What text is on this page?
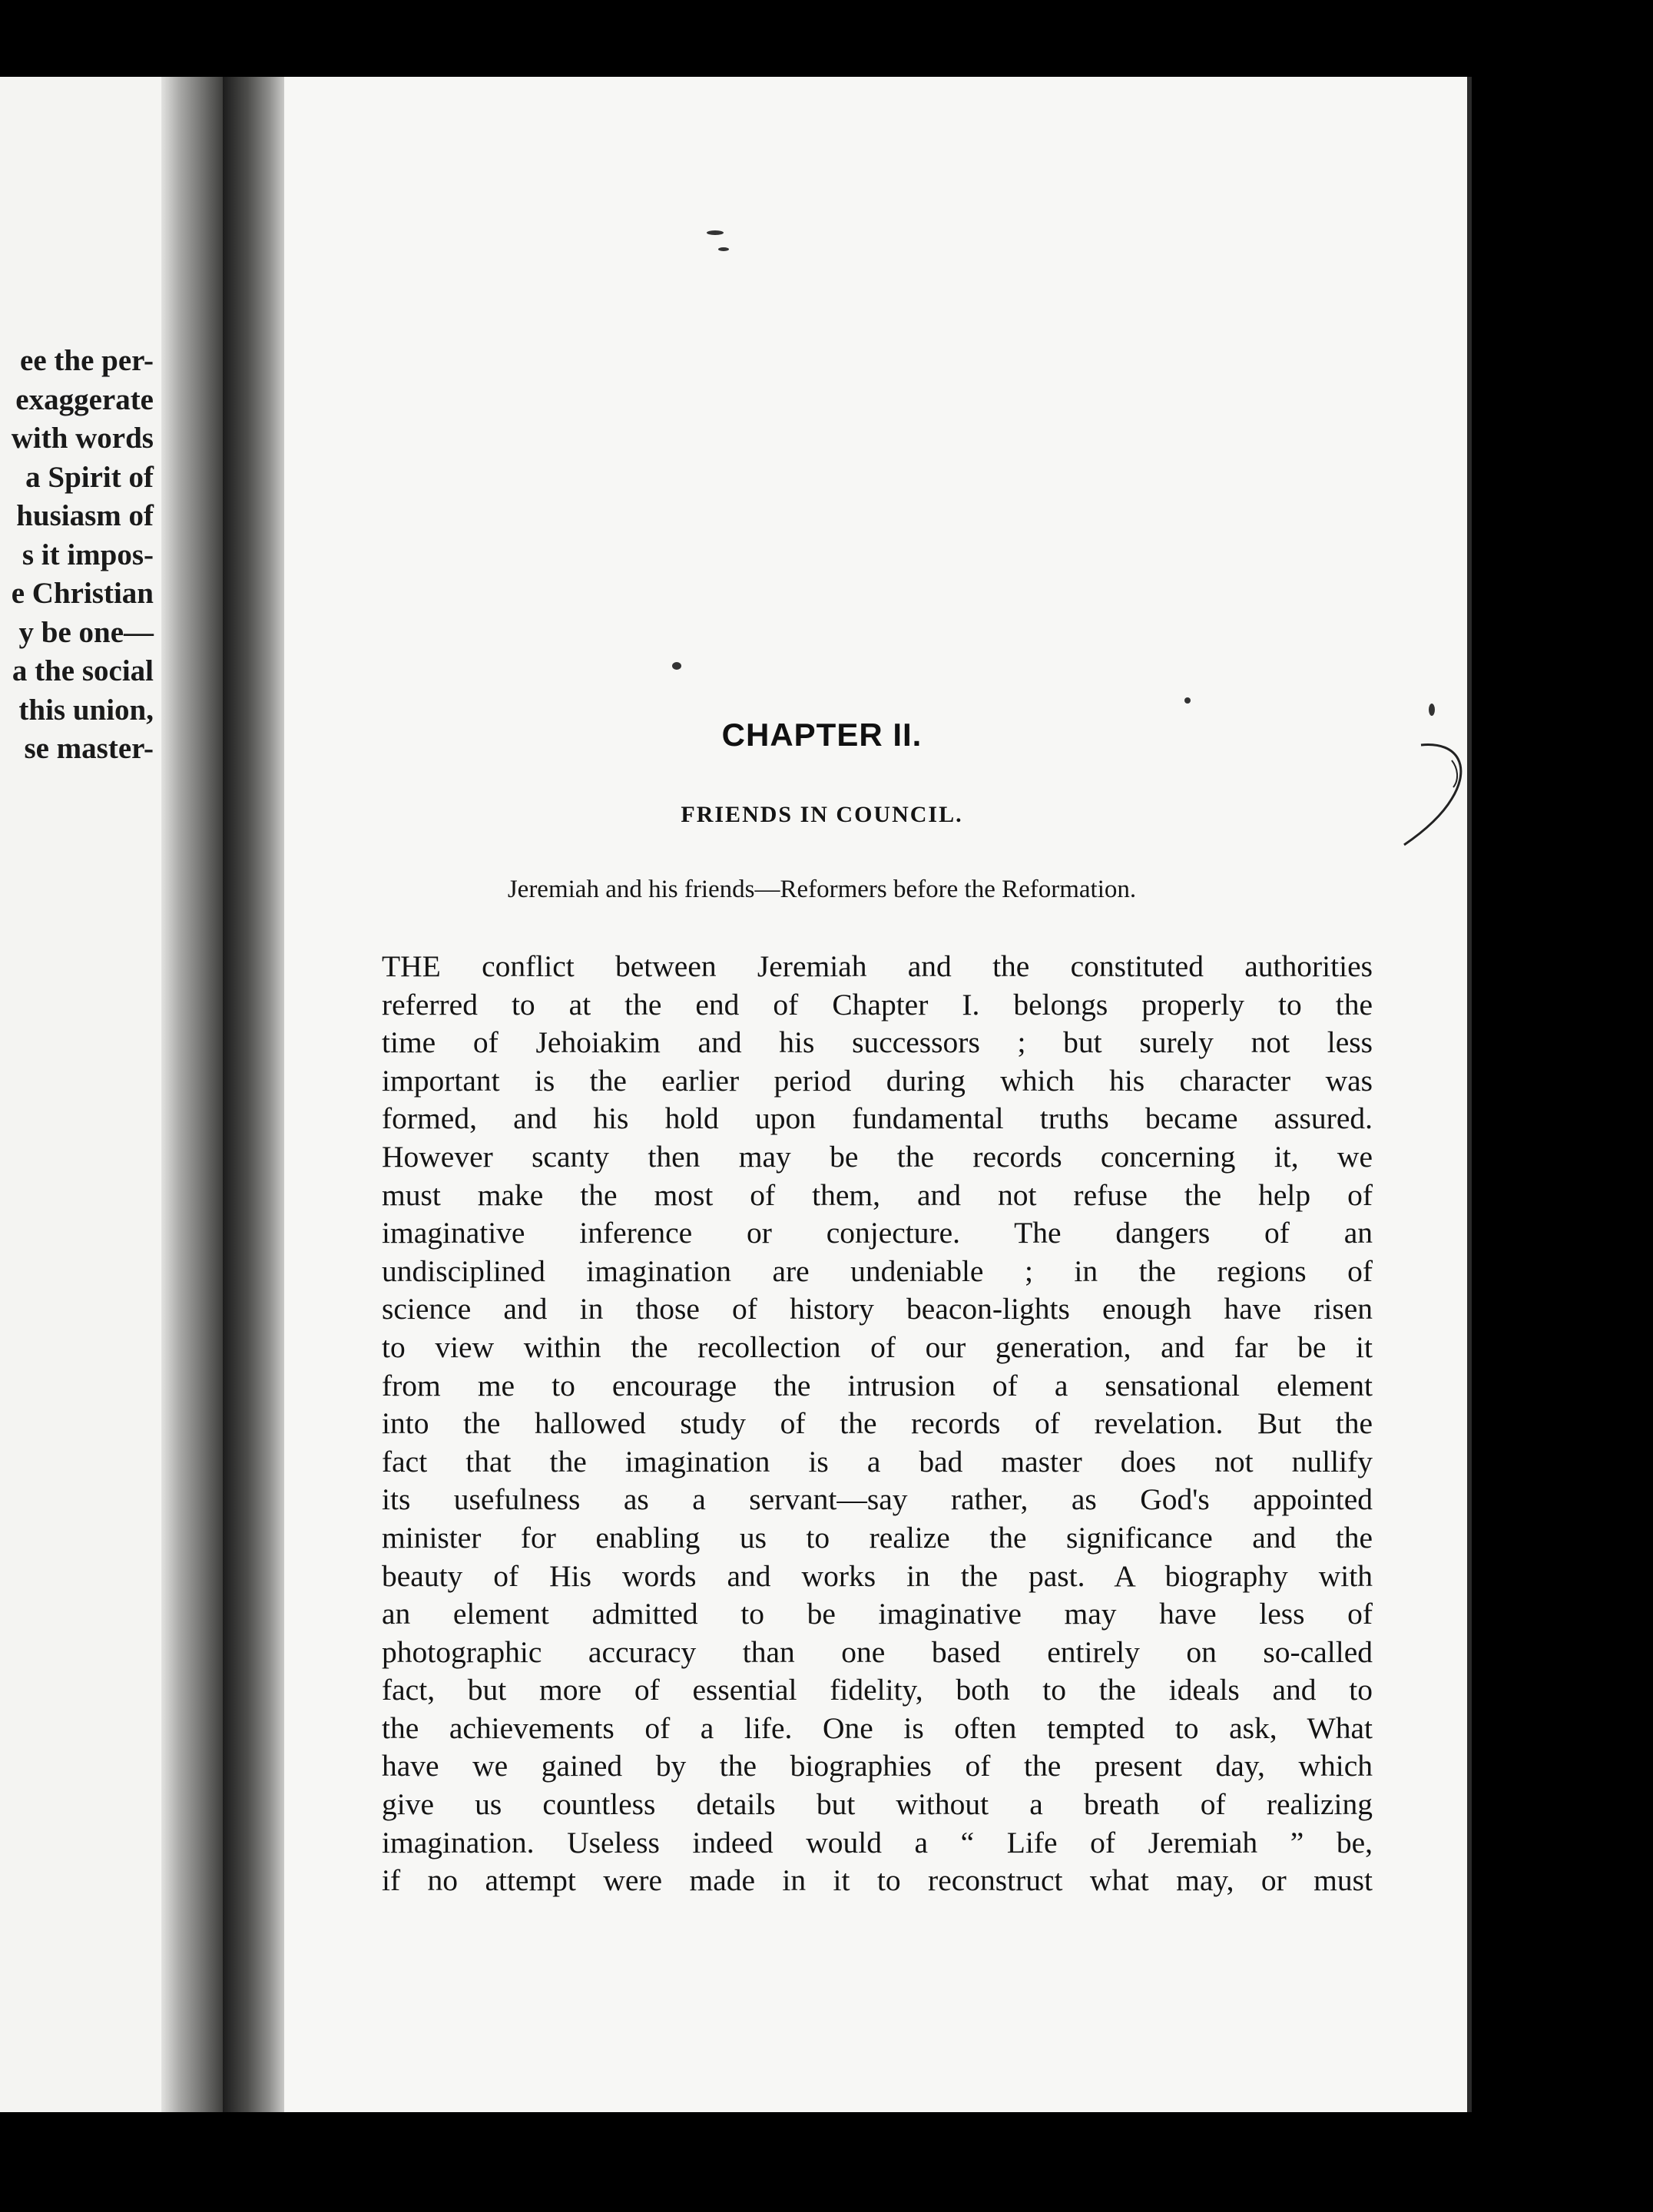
ee the per-
exaggerate
with words
a Spirit of
husiasm of
s it impos-
e Christian
y be one—
a the social
this union,
se master-	CHAPTER II.
FRIENDS IN COUNCIL.
Jeremiah and his friends—Reformers before the Reformation.
THE conflict between Jeremiah and the constituted authorities
referred to at the end of Chapter I. belongs properly to the
time of Jehoiakim and his successors ; but surely not less
important is the earlier period during which his character was
formed, and his hold upon fundamental truths became assured.
However scanty then may be the records concerning it, we
must make the most of them, and not refuse the help of
imaginative inference or conjecture. The dangers of an
undisciplined imagination are undeniable ; in the regions of
science and in those of history beacon-lights enough have risen
to view within the recollection of our generation, and far be it
from me to encourage the intrusion of a sensational element
into the hallowed study of the records of revelation. But the
fact that the imagination is a bad master does not nullify
its usefulness as a servant—say rather, as God's appointed
minister for enabling us to realize the significance and the
beauty of His words and works in the past. A biography with
an element admitted to be imaginative may have less of
photographic accuracy than one based entirely on so-called
fact, but more of essential fidelity, both to the ideals and to
the achievements of a life. One is often tempted to ask, What
have we gained by the biographies of the present day, which
give us countless details but without a breath of realizing
imagination. Useless indeed would a “ Life of Jeremiah ” be,
if no attempt were made in it to reconstruct what may, or must
